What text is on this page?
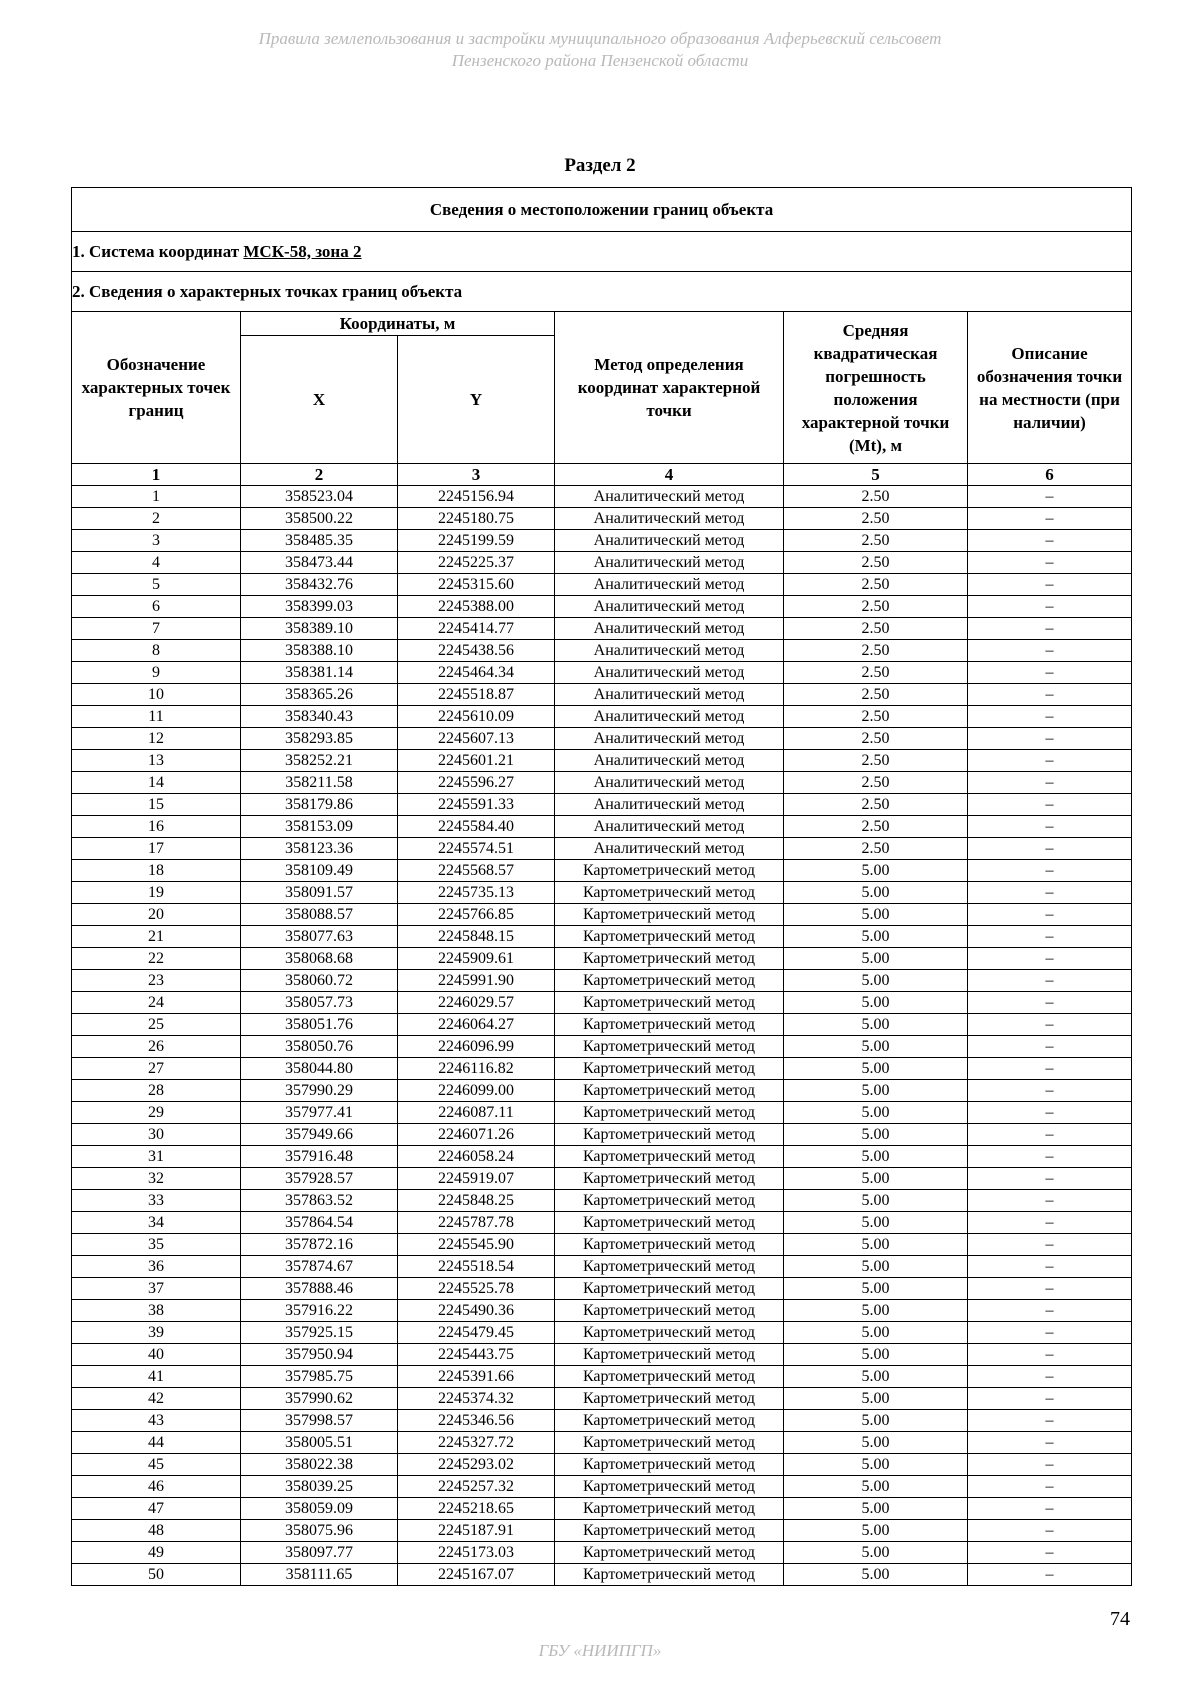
Правила землепользования и застройки муниципального образования Алферьевский сельсовет
Пензенского района Пензенской области
Раздел 2
Сведения о местоположении границ объекта					
1. Система координат МСК-58, зона 2					
2. Сведения о характерных точках границ объекта					
Обозначение характерных точек границ	Координаты, м		Метод определения координат характерной точки	Средняя квадратическая погрешность положения характерной точки (Mt), м	Описание обозначения точки на местности (при наличии)
	X	Y			
1	2	3	4	5	6
1	358523.04	2245156.94	Аналитический метод	2.50	–
2	358500.22	2245180.75	Аналитический метод	2.50	–
3	358485.35	2245199.59	Аналитический метод	2.50	–
4	358473.44	2245225.37	Аналитический метод	2.50	–
5	358432.76	2245315.60	Аналитический метод	2.50	–
6	358399.03	2245388.00	Аналитический метод	2.50	–
7	358389.10	2245414.77	Аналитический метод	2.50	–
8	358388.10	2245438.56	Аналитический метод	2.50	–
9	358381.14	2245464.34	Аналитический метод	2.50	–
10	358365.26	2245518.87	Аналитический метод	2.50	–
11	358340.43	2245610.09	Аналитический метод	2.50	–
12	358293.85	2245607.13	Аналитический метод	2.50	–
13	358252.21	2245601.21	Аналитический метод	2.50	–
14	358211.58	2245596.27	Аналитический метод	2.50	–
15	358179.86	2245591.33	Аналитический метод	2.50	–
16	358153.09	2245584.40	Аналитический метод	2.50	–
17	358123.36	2245574.51	Аналитический метод	2.50	–
18	358109.49	2245568.57	Картометрический метод	5.00	–
19	358091.57	2245735.13	Картометрический метод	5.00	–
20	358088.57	2245766.85	Картометрический метод	5.00	–
21	358077.63	2245848.15	Картометрический метод	5.00	–
22	358068.68	2245909.61	Картометрический метод	5.00	–
23	358060.72	2245991.90	Картометрический метод	5.00	–
24	358057.73	2246029.57	Картометрический метод	5.00	–
25	358051.76	2246064.27	Картометрический метод	5.00	–
26	358050.76	2246096.99	Картометрический метод	5.00	–
27	358044.80	2246116.82	Картометрический метод	5.00	–
28	357990.29	2246099.00	Картометрический метод	5.00	–
29	357977.41	2246087.11	Картометрический метод	5.00	–
30	357949.66	2246071.26	Картометрический метод	5.00	–
31	357916.48	2246058.24	Картометрический метод	5.00	–
32	357928.57	2245919.07	Картометрический метод	5.00	–
33	357863.52	2245848.25	Картометрический метод	5.00	–
34	357864.54	2245787.78	Картометрический метод	5.00	–
35	357872.16	2245545.90	Картометрический метод	5.00	–
36	357874.67	2245518.54	Картометрический метод	5.00	–
37	357888.46	2245525.78	Картометрический метод	5.00	–
38	357916.22	2245490.36	Картометрический метод	5.00	–
39	357925.15	2245479.45	Картометрический метод	5.00	–
40	357950.94	2245443.75	Картометрический метод	5.00	–
41	357985.75	2245391.66	Картометрический метод	5.00	–
42	357990.62	2245374.32	Картометрический метод	5.00	–
43	357998.57	2245346.56	Картометрический метод	5.00	–
44	358005.51	2245327.72	Картометрический метод	5.00	–
45	358022.38	2245293.02	Картометрический метод	5.00	–
46	358039.25	2245257.32	Картометрический метод	5.00	–
47	358059.09	2245218.65	Картометрический метод	5.00	–
48	358075.96	2245187.91	Картометрический метод	5.00	–
49	358097.77	2245173.03	Картометрический метод	5.00	–
50	358111.65	2245167.07	Картометрический метод	5.00	–
74
ГБУ «НИИПГП»
